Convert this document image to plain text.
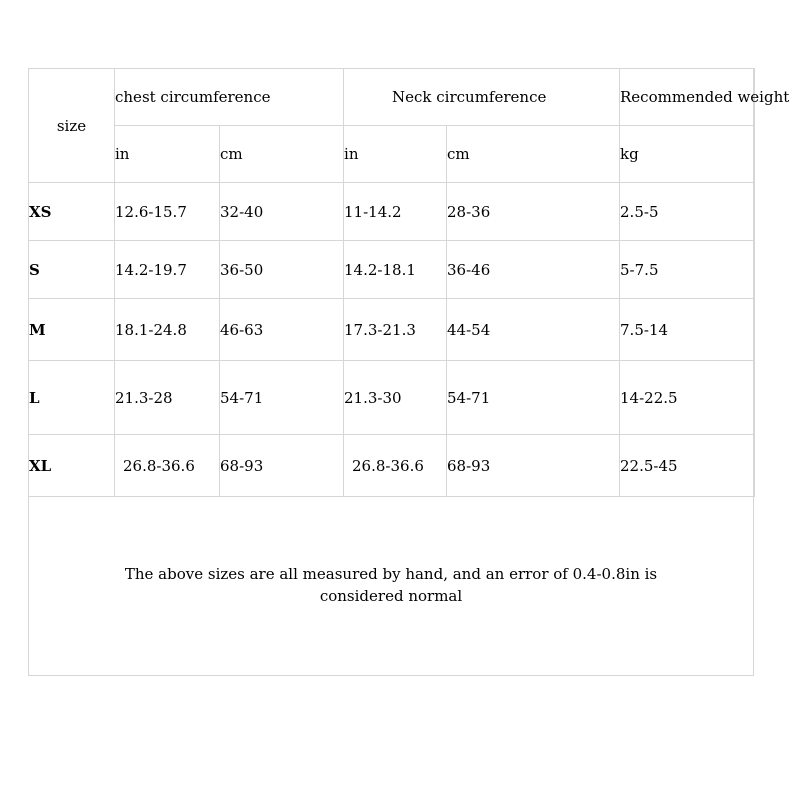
size	chest circumference		Neck circumference		Recommended weight
	in	cm	in	cm	kg
XS	12.6-15.7	32-40	11-14.2	28-36	2.5-5
S	14.2-19.7	36-50	14.2-18.1	36-46	5-7.5
M	18.1-24.8	46-63	17.3-21.3	44-54	7.5-14
L	21.3-28	54-71	21.3-30	54-71	14-22.5
XL	26.8-36.6	68-93	26.8-36.6	68-93	22.5-45
The above sizes are all measured by hand, and an error of 0.4-0.8in is
considered normal
